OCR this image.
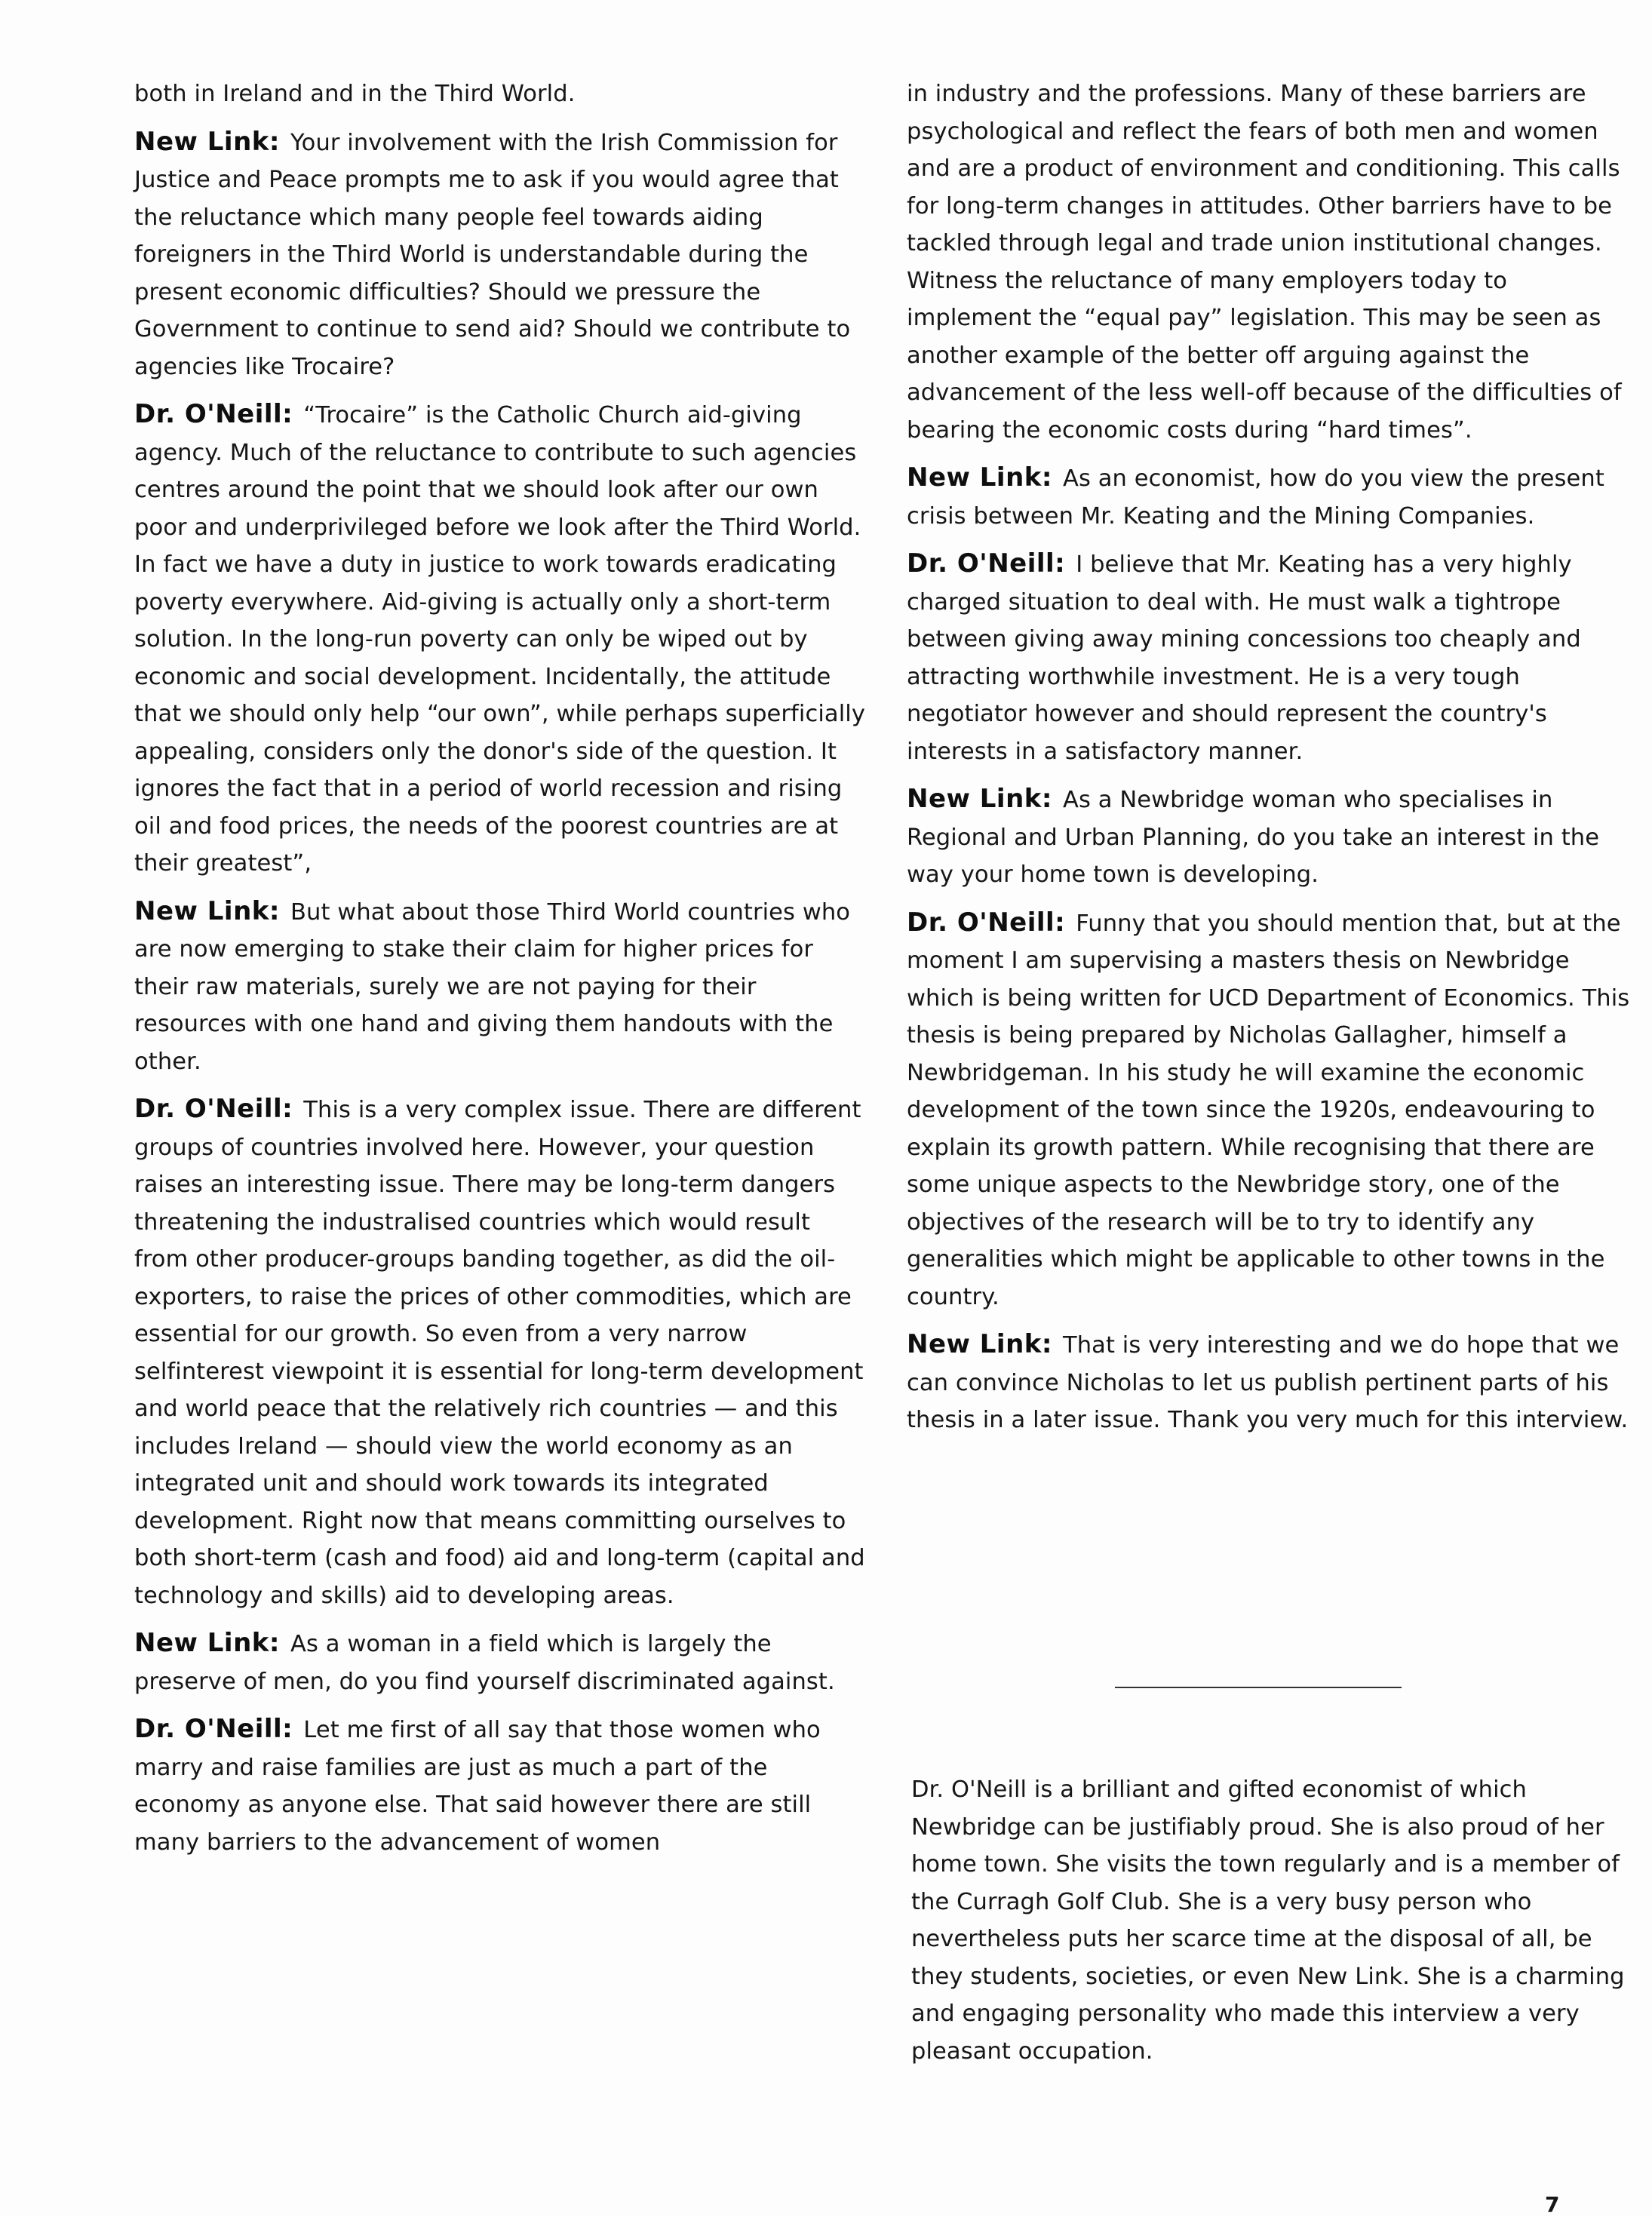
both in Ireland and in the Third World.

New Link: Your involvement with the Irish Commission for Justice and Peace prompts me to ask if you would agree that the reluctance which many people feel towards aiding foreigners in the Third World is understandable during the present economic difficulties? Should we pressure the Government to continue to send aid? Should we contribute to agencies like Trocaire?

Dr. O'Neill: “Trocaire” is the Catholic Church aid-giving agency. Much of the reluctance to contribute to such agencies centres around the point that we should look after our own poor and underprivileged before we look after the Third World. In fact we have a duty in justice to work towards eradicating poverty everywhere. Aid-giving is actually only a short-term solution. In the long-run poverty can only be wiped out by economic and social development. Incidentally, the attitude that we should only help “our own”, while perhaps superficially appealing, considers only the donor's side of the question. It ignores the fact that in a period of world recession and rising oil and food prices, the needs of the poorest countries are at their greatest”,

New Link: But what about those Third World countries who are now emerging to stake their claim for higher prices for their raw materials, surely we are not paying for their resources with one hand and giving them handouts with the other.

Dr. O'Neill: This is a very complex issue. There are different groups of countries involved here. However, your question raises an interesting issue. There may be long-term dangers threatening the industralised countries which would result from other producer-groups banding together, as did the oil-exporters, to raise the prices of other commodities, which are essential for our growth. So even from a very narrow selfinterest viewpoint it is essential for long-term development and world peace that the relatively rich countries — and this includes Ireland — should view the world economy as an integrated unit and should work towards its integrated development. Right now that means committing ourselves to both short-term (cash and food) aid and long-term (capital and technology and skills) aid to developing areas.

New Link: As a woman in a field which is largely the preserve of men, do you find yourself discriminated against.

Dr. O'Neill: Let me first of all say that those women who marry and raise families are just as much a part of the economy as anyone else. That said however there are still many barriers to the advancement of women

in industry and the professions. Many of these barriers are psychological and reflect the fears of both men and women and are a product of environment and conditioning. This calls for long-term changes in attitudes. Other barriers have to be tackled through legal and trade union institutional changes. Witness the reluctance of many employers today to implement the “equal pay” legislation. This may be seen as another example of the better off arguing against the advancement of the less well-off because of the difficulties of bearing the economic costs during “hard times”.

New Link: As an economist, how do you view the present crisis between Mr. Keating and the Mining Companies.

Dr. O'Neill: I believe that Mr. Keating has a very highly charged situation to deal with. He must walk a tightrope between giving away mining concessions too cheaply and attracting worthwhile investment. He is a very tough negotiator however and should represent the country's interests in a satisfactory manner.

New Link: As a Newbridge woman who specialises in Regional and Urban Planning, do you take an interest in the way your home town is developing.

Dr. O'Neill: Funny that you should mention that, but at the moment I am supervising a masters thesis on Newbridge which is being written for UCD Department of Economics. This thesis is being prepared by Nicholas Gallagher, himself a Newbridgeman. In his study he will examine the economic development of the town since the 1920s, endeavouring to explain its growth pattern. While recognising that there are some unique aspects to the Newbridge story, one of the objectives of the research will be to try to identify any generalities which might be applicable to other towns in the country.

New Link: That is very interesting and we do hope that we can convince Nicholas to let us publish pertinent parts of his thesis in a later issue. Thank you very much for this interview.

Dr. O'Neill is a brilliant and gifted economist of which Newbridge can be justifiably proud. She is also proud of her home town. She visits the town regularly and is a member of the Curragh Golf Club. She is a very busy person who nevertheless puts her scarce time at the disposal of all, be they students, societies, or even New Link. She is a charming and engaging personality who made this interview a very pleasant occupation.

7
